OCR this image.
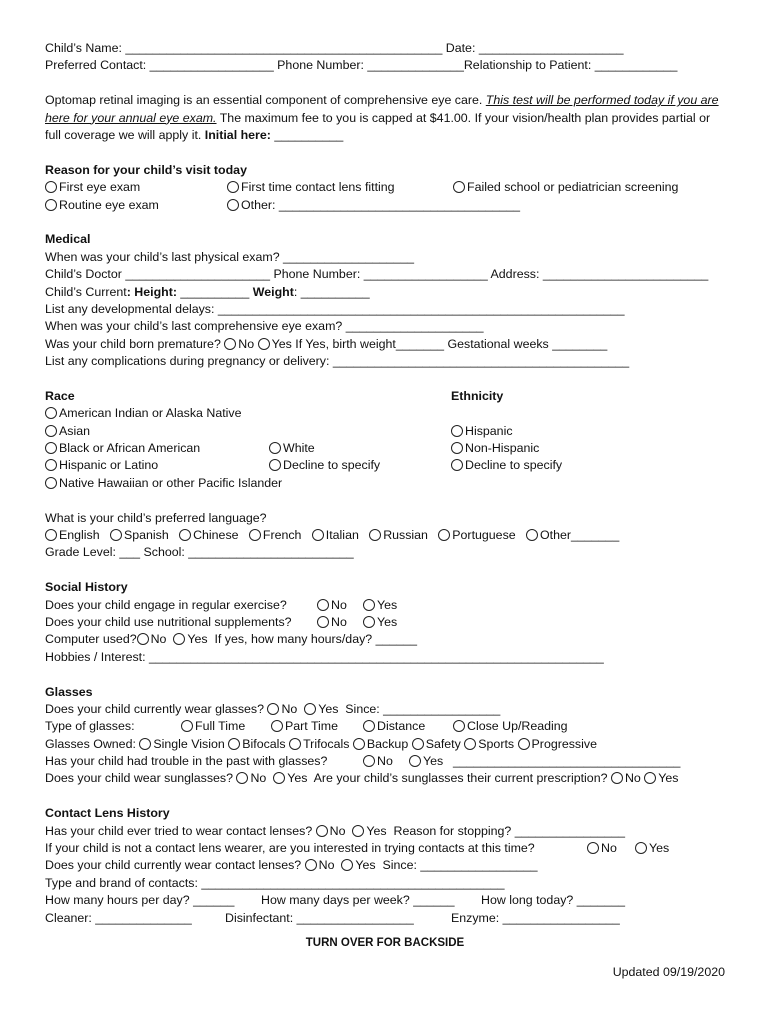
Child’s Name: ______________________________________________ Date: _____________________
Preferred Contact: __________________ Phone Number: ______________Relationship to Patient: ____________
Optomap retinal imaging is an essential component of comprehensive eye care. This test will be performed today if you are here for your annual eye exam. The maximum fee to you is capped at $41.00. If your vision/health plan provides partial or full coverage we will apply it. Initial here: __________
Reason for your child’s visit today
First eye exam	First time contact lens fitting	Failed school or pediatrician screening
Routine eye exam	Other: ___________________________________
Medical
When was your child’s last physical exam? ___________________
Child’s Doctor _____________________ Phone Number: __________________ Address: ________________________
Child’s Current: Height: __________ Weight: __________
List any developmental delays: ___________________________________________________________
When was your child’s last comprehensive eye exam? ____________________
Was your child born premature? No Yes If Yes, birth weight_______ Gestational weeks ________
List any complications during pregnancy or delivery: ___________________________________________
Race	Ethnicity
American Indian or Alaska Native
Asian	Hispanic
Black or African American	White	Non-Hispanic
Hispanic or Latino	Decline to specify	Decline to specify
Native Hawaiian or other Pacific Islander
What is your child’s preferred language?
English Spanish Chinese French Italian Russian Portuguese Other_______
Grade Level: ___ School: ________________________
Social History
Does your child engage in regular exercise?	No	Yes
Does your child use nutritional supplements?	No	Yes
Computer used? No Yes If yes, how many hours/day? ______
Hobbies / Interest: __________________________________________________________________
Glasses
Does your child currently wear glasses? No Yes Since: _________________
Type of glasses:	Full Time	Part Time	Distance	Close Up/Reading
Glasses Owned: Single Vision Bifocals Trifocals Backup Safety Sports Progressive
Has your child had trouble in the past with glasses?	No	Yes _________________________________
Does your child wear sunglasses? No Yes Are your child’s sunglasses their current prescription? No Yes
Contact Lens History
Has your child ever tried to wear contact lenses? No Yes Reason for stopping? ________________
If your child is not a contact lens wearer, are you interested in trying contacts at this time?	No	Yes
Does your child currently wear contact lenses? No Yes Since: _________________
Type and brand of contacts: ____________________________________________
How many hours per day? ______ How many days per week? ______ How long today? _______
Cleaner: ______________	Disinfectant: _________________	Enzyme: _________________
TURN OVER FOR BACKSIDE
Updated 09/19/2020
